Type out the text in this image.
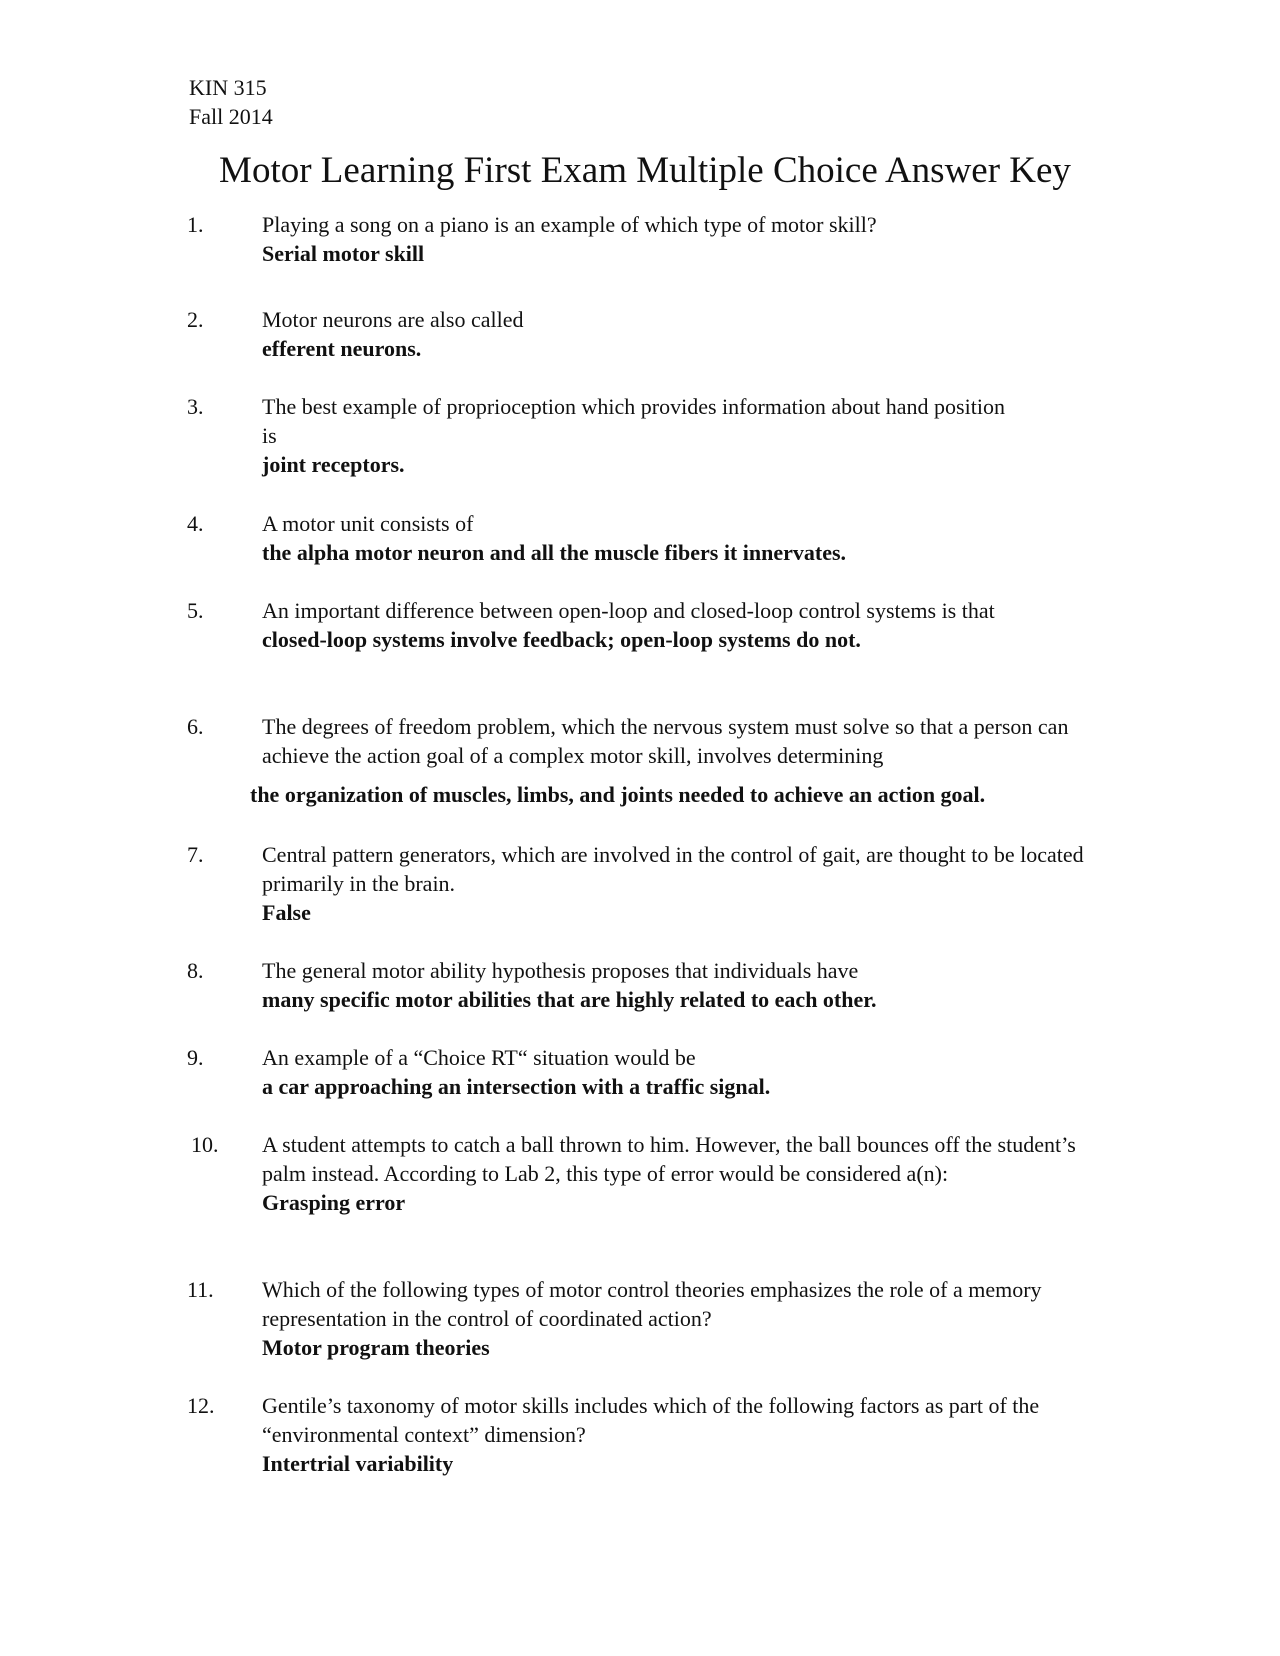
KIN 315
Fall 2014
Motor Learning First Exam Multiple Choice Answer Key
1.	Playing a song on a piano is an example of which type of motor skill?
Serial motor skill
2.	Motor neurons are also called
efferent neurons.
3.	The best example of proprioception which provides information about hand position is
joint receptors.
4.	A motor unit consists of
the alpha motor neuron and all the muscle fibers it innervates.
5.	An important difference between open-loop and closed-loop control systems is that
closed-loop systems involve feedback; open-loop systems do not.
6.	The degrees of freedom problem, which the nervous system must solve so that a person can achieve the action goal of a complex motor skill, involves determining
the organization of muscles, limbs, and joints needed to achieve an action goal.
7.	Central pattern generators, which are involved in the control of gait, are thought to be located primarily in the brain.
False
8.	The general motor ability hypothesis proposes that individuals have
many specific motor abilities that are highly related to each other.
9.	An example of a “Choice RT“ situation would be
a car approaching an intersection with a traffic signal.
10. A student attempts to catch a ball thrown to him. However, the ball bounces off the student’s palm instead. According to Lab 2, this type of error would be considered a(n):
Grasping error
11. Which of the following types of motor control theories emphasizes the role of a memory representation in the control of coordinated action?
Motor program theories
12. Gentile’s taxonomy of motor skills includes which of the following factors as part of the “environmental context” dimension?
Intertrial variability
